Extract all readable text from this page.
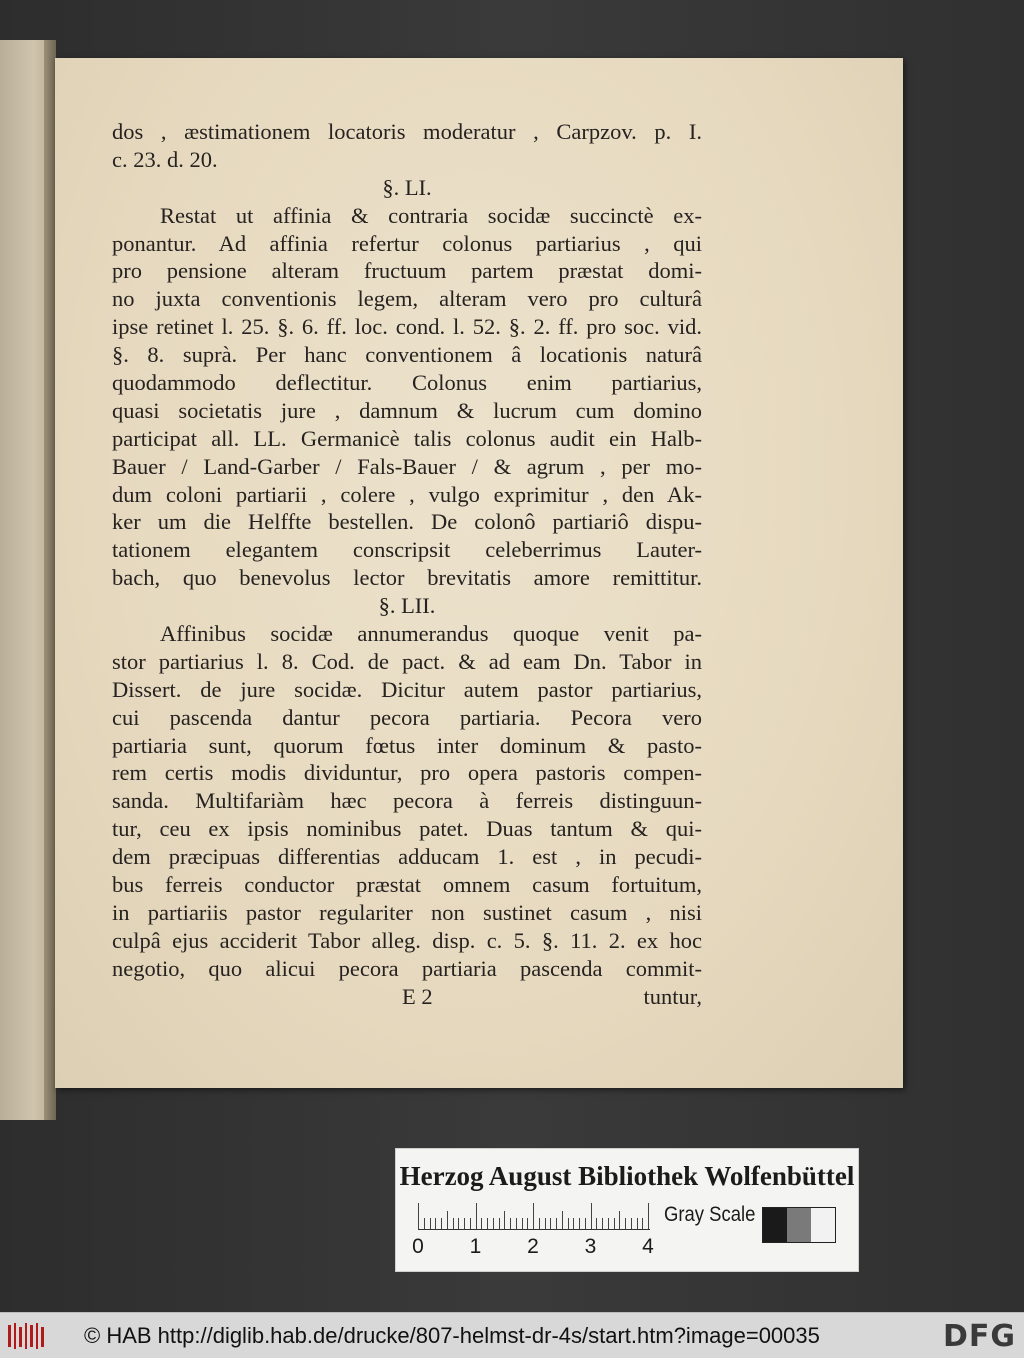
dos , æstimationem locatoris moderatur , Carpzov. p. I.
c. 23. d. 20.
§. LI.
Restat ut affinia & contraria socidæ succinctè ex-
ponantur. Ad affinia refertur colonus partiarius , qui
pro pensione alteram fructuum partem præstat domi-
no juxta conventionis legem, alteram vero pro culturâ
ipse retinet l. 25. §. 6. ff. loc. cond. l. 52. §. 2. ff. pro soc. vid.
§. 8. suprà. Per hanc conventionem â locationis naturâ
quodammodo deflectitur. Colonus enim partiarius,
quasi societatis jure , damnum & lucrum cum domino
participat all. LL. Germanicè talis colonus audit ein Halb-
Bauer / Land-Garber / Fals-Bauer / & agrum , per mo-
dum coloni partiarii , colere , vulgo exprimitur , den Ak-
ker um die Helffte bestellen. De colonô partiariô dispu-
tationem elegantem conscripsit celeberrimus Lauter-
bach, quo benevolus lector brevitatis amore remittitur.
§. LII.
Affinibus socidæ annumerandus quoque venit pa-
stor partiarius l. 8. Cod. de pact. & ad eam Dn. Tabor in
Dissert. de jure socidæ. Dicitur autem pastor partiarius,
cui pascenda dantur pecora partiaria. Pecora vero
partiaria sunt, quorum fœtus inter dominum & pasto-
rem certis modis dividuntur, pro opera pastoris compen-
sanda. Multifariàm hæc pecora à ferreis distinguun-
tur, ceu ex ipsis nominibus patet. Duas tantum & qui-
dem præcipuas differentias adducam 1. est , in pecudi-
bus ferreis conductor præstat omnem casum fortuitum,
in partiariis pastor regulariter non sustinet casum , nisi
culpâ ejus acciderit Tabor alleg. disp. c. 5. §. 11. 2. ex hoc
negotio, quo alicui pecora partiaria pascenda commit-
E 2	tuntur,
Herzog August Bibliothek Wolfenbüttel
0 1 2 3 4
Gray Scale
© HAB http://diglib.hab.de/drucke/807-helmst-dr-4s/start.htm?image=00035	DFG
